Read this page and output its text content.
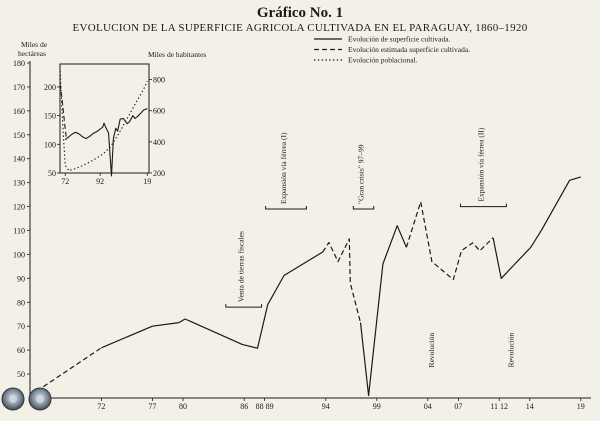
Gráfico No. 1
EVOLUCION DE LA SUPERFICIE AGRICOLA CULTIVADA EN EL PARAGUAY, 1860–1920
Miles de
hectáreas	Miles de habitantes
Evolución de superficie cultivada.
Evolución estimada superficie cultivada.
Evolución poblacional.
50
60
70
80
90
100
110
120
130
140
150
160
170
180
72	77	80	86 88 89	94	99	04	07	11 12 14	19
Venta de tierras fiscales
Expansión vía férrea (I)	"Gran crisis" 97–99	Expansión vía férrea (II)
Revolución	Revolución
50
100
150
200
200
400
600
800
72	92	19
